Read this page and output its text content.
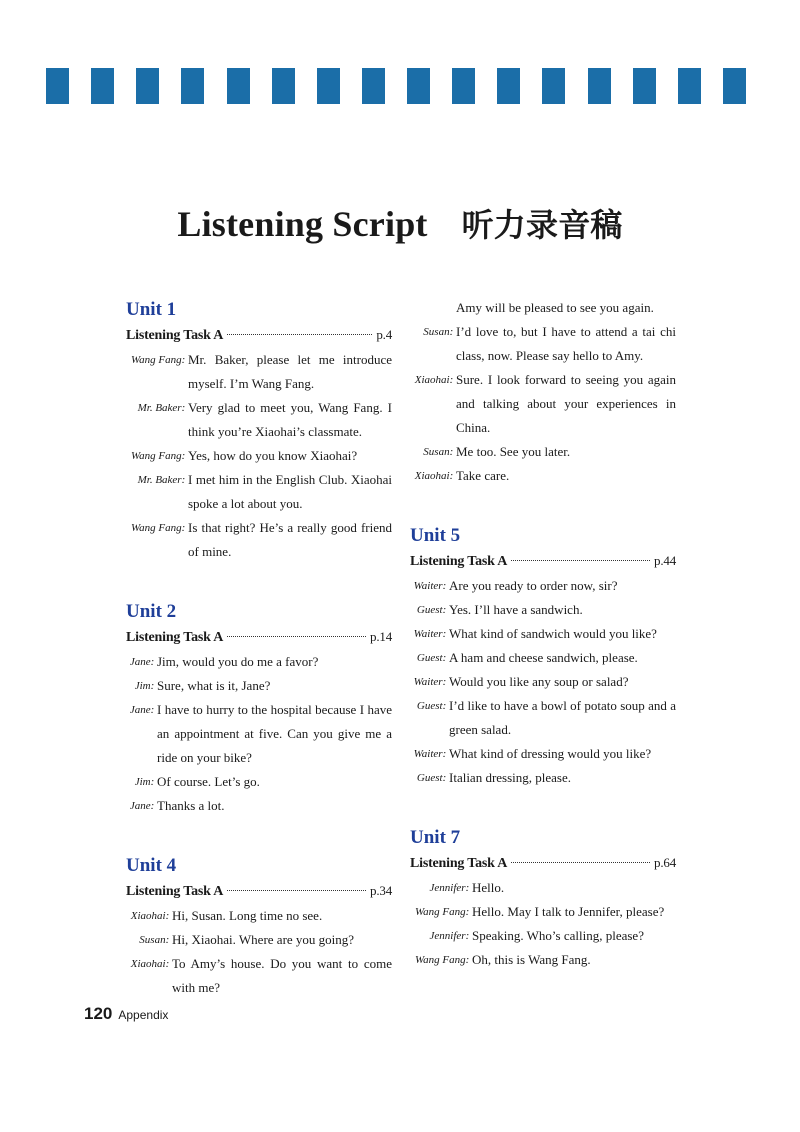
Listening Script 听力录音稿
Unit 1
Listening Task A	p.4
Wang Fang: Mr. Baker, please let me introduce myself. I’m Wang Fang.
Mr. Baker: Very glad to meet you, Wang Fang. I think you’re Xiaohai’s classmate.
Wang Fang: Yes, how do you know Xiaohai?
Mr. Baker: I met him in the English Club. Xiaohai spoke a lot about you.
Wang Fang: Is that right? He’s a really good friend of mine.
Unit 2
Listening Task A	p.14
Jane: Jim, would you do me a favor?
Jim: Sure, what is it, Jane?
Jane: I have to hurry to the hospital because I have an appointment at five. Can you give me a ride on your bike?
Jim: Of course. Let’s go.
Jane: Thanks a lot.
Unit 4
Listening Task A	p.34
Xiaohai: Hi, Susan. Long time no see.
Susan: Hi, Xiaohai. Where are you going?
Xiaohai: To Amy’s house. Do you want to come with me?
Amy will be pleased to see you again.
Susan: I’d love to, but I have to attend a tai chi class, now. Please say hello to Amy.
Xiaohai: Sure. I look forward to seeing you again and talking about your experiences in China.
Susan: Me too. See you later.
Xiaohai: Take care.
Unit 5
Listening Task A	p.44
Waiter: Are you ready to order now, sir?
Guest: Yes. I’ll have a sandwich.
Waiter: What kind of sandwich would you like?
Guest: A ham and cheese sandwich, please.
Waiter: Would you like any soup or salad?
Guest: I’d like to have a bowl of potato soup and a green salad.
Waiter: What kind of dressing would you like?
Guest: Italian dressing, please.
Unit 7
Listening Task A	p.64
Jennifer: Hello.
Wang Fang: Hello. May I talk to Jennifer, please?
Jennifer: Speaking. Who’s calling, please?
Wang Fang: Oh, this is Wang Fang.
120 Appendix
